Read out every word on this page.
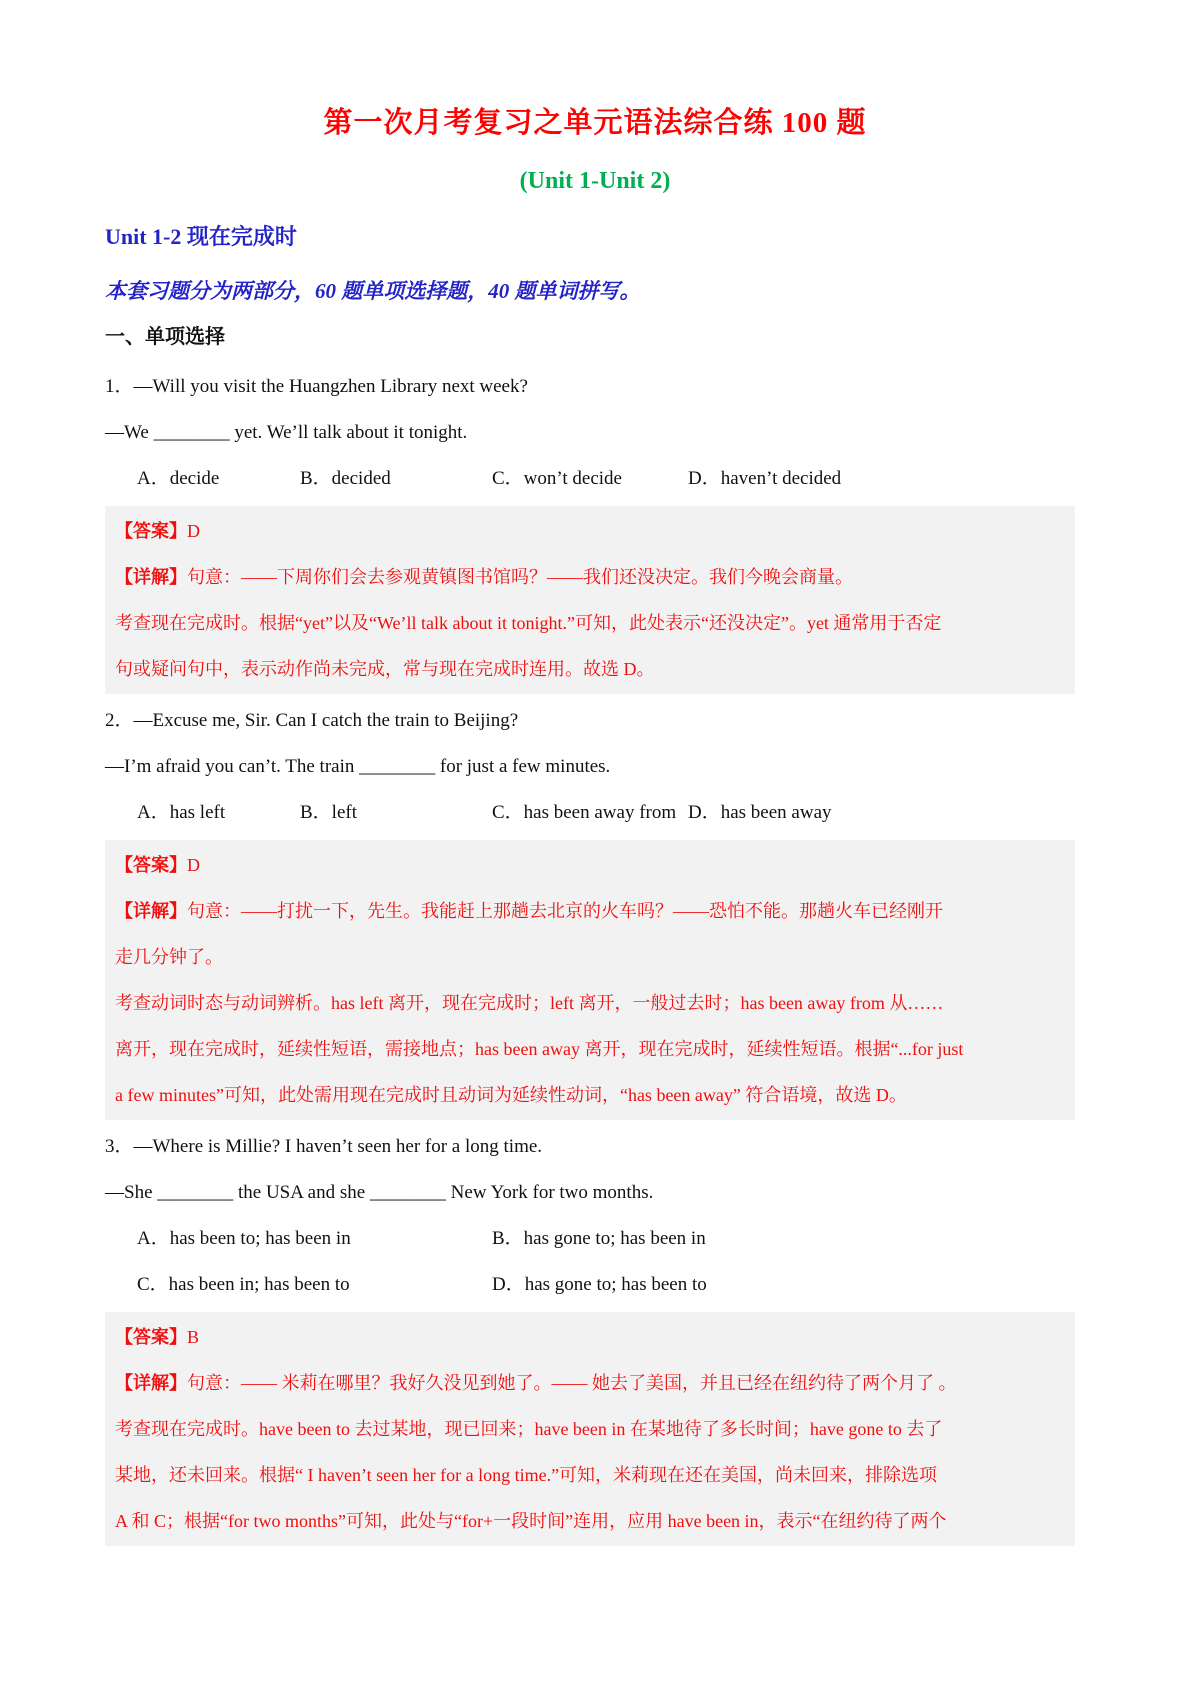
第一次月考复习之单元语法综合练 100 题
(Unit 1-Unit 2)
Unit 1-2 现在完成时
本套习题分为两部分，60 题单项选择题，40 题单词拼写。
一、单项选择
1．—Will you visit the Huangzhen Library next week?
—We ________ yet. We’ll talk about it tonight.
A．decide	B．decided	C．won’t decide	D．haven’t decided
【答案】D
【详解】句意：——下周你们会去参观黄镇图书馆吗？——我们还没决定。我们今晚会商量。
考查现在完成时。根据“yet”以及“We’ll talk about it tonight.”可知，此处表示“还没决定”。yet 通常用于否定
句或疑问句中，表示动作尚未完成，常与现在完成时连用。故选 D。
2．—Excuse me, Sir. Can I catch the train to Beijing?
—I’m afraid you can’t. The train ________ for just a few minutes.
A．has left	B．left	C．has been away from D．has been away
【答案】D
【详解】句意：——打扰一下，先生。我能赶上那趟去北京的火车吗？——恐怕不能。那趟火车已经刚开
走几分钟了。
考查动词时态与动词辨析。has left 离开，现在完成时；left 离开，一般过去时；has been away from 从……
离开，现在完成时，延续性短语，需接地点；has been away 离开，现在完成时，延续性短语。根据“...for just
a few minutes”可知，此处需用现在完成时且动词为延续性动词，“has been away” 符合语境，故选 D。
3．—Where is Millie? I haven’t seen her for a long time.
—She ________ the USA and she ________ New York for two months.
A．has been to; has been in	B．has gone to; has been in
C．has been in; has been to	D．has gone to; has been to
【答案】B
【详解】句意：—— 米莉在哪里？我好久没见到她了。—— 她去了美国，并且已经在纽约待了两个月了 。
考查现在完成时。have been to 去过某地，现已回来；have been in 在某地待了多长时间；have gone to 去了
某地，还未回来。根据“ I haven’t seen her for a long time.”可知，米莉现在还在美国，尚未回来，排除选项
A 和 C；根据“for two months”可知，此处与“for+一段时间”连用，应用 have been in，表示“在纽约待了两个
